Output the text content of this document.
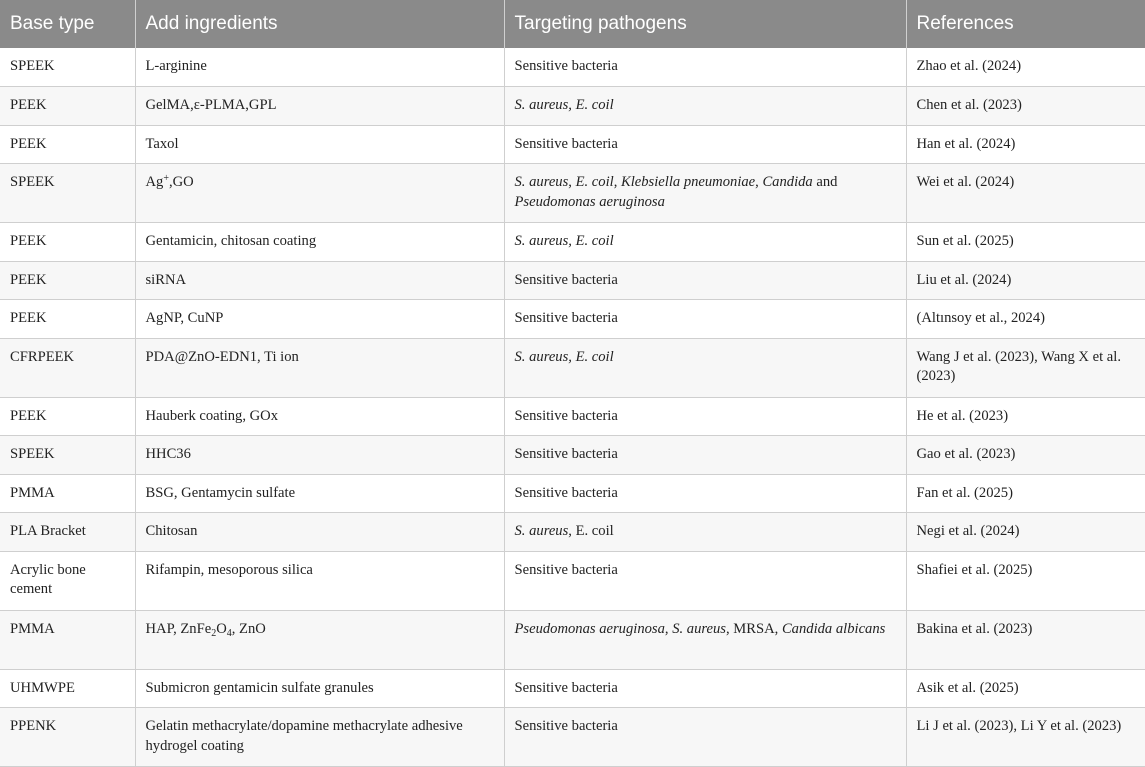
Base type	Add ingredients	Targeting pathogens	References
SPEEK	L-arginine	Sensitive bacteria	Zhao et al. (2024)
PEEK	GelMA,ε-PLMA,GPL	S. aureus, E. coil	Chen et al. (2023)
PEEK	Taxol	Sensitive bacteria	Han et al. (2024)
SPEEK	Ag+,GO	S. aureus, E. coil, Klebsiella pneumoniae, Candida and Pseudomonas aeruginosa	Wei et al. (2024)
PEEK	Gentamicin, chitosan coating	S. aureus, E. coil	Sun et al. (2025)
PEEK	siRNA	Sensitive bacteria	Liu et al. (2024)
PEEK	AgNP, CuNP	Sensitive bacteria	(Altınsoy et al., 2024)
CFRPEEK	PDA@ZnO-EDN1, Ti ion	S. aureus, E. coil	Wang J et al. (2023), Wang X et al. (2023)
PEEK	Hauberk coating, GOx	Sensitive bacteria	He et al. (2023)
SPEEK	HHC36	Sensitive bacteria	Gao et al. (2023)
PMMA	BSG, Gentamycin sulfate	Sensitive bacteria	Fan et al. (2025)
PLA Bracket	Chitosan	S. aureus, E. coil	Negi et al. (2024)
Acrylic bone cement	Rifampin, mesoporous silica	Sensitive bacteria	Shafiei et al. (2025)
PMMA	HAP, $ZnFe_2O_4$, ZnO	Pseudomonas aeruginosa, S. aureus, MRSA, Candida albicans	Bakina et al. (2023)
UHMWPE	Submicron gentamicin sulfate granules	Sensitive bacteria	Asik et al. (2025)
PPENK	Gelatin methacrylate/dopamine methacrylate adhesive hydrogel coating	Sensitive bacteria	Li J et al. (2023), Li Y et al. (2023)
